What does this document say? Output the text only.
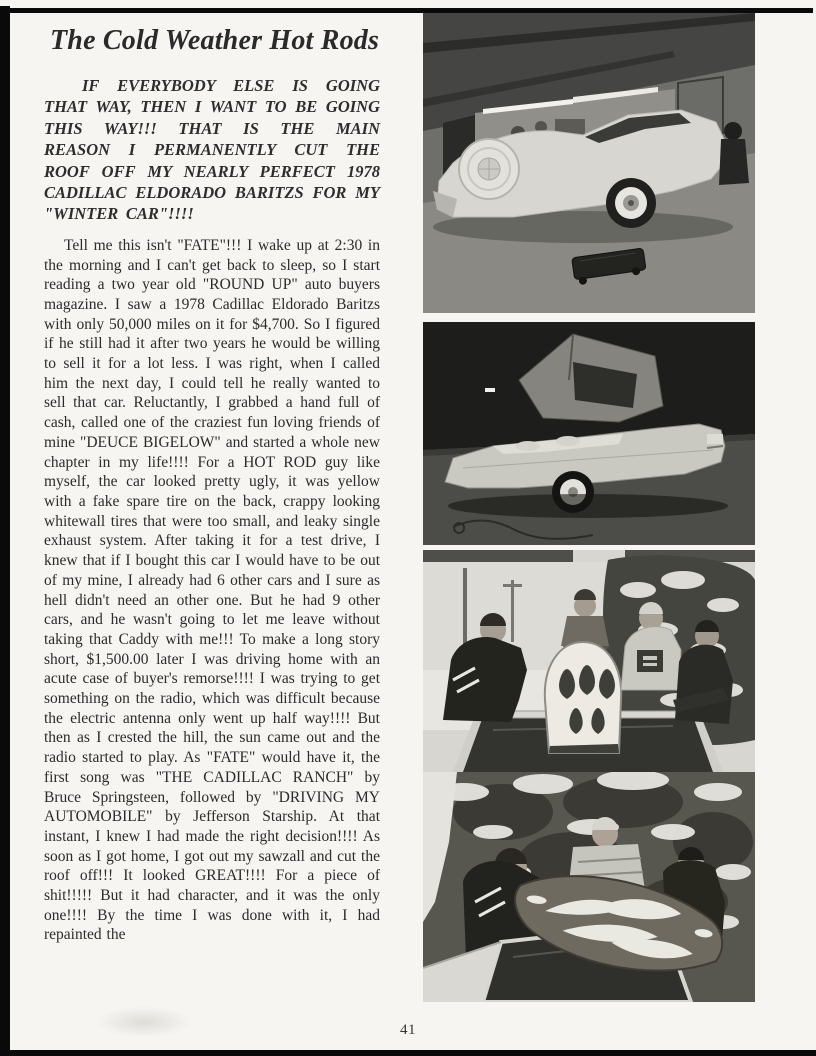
The Cold Weather Hot Rods

IF EVERYBODY ELSE IS GOING THAT WAY, THEN I WANT TO BE GOING THIS WAY!!! THAT IS THE MAIN REASON I PERMANENTLY CUT THE ROOF OFF MY NEARLY PERFECT 1978 CADILLAC ELDORADO BARITZS FOR MY "WINTER CAR"!!!!

Tell me this isn't "FATE"!!! I wake up at 2:30 in the morning and I can't get back to sleep, so I start reading a two year old "ROUND UP" auto buyers magazine. I saw a 1978 Cadillac Eldorado Baritzs with only 50,000 miles on it for $4,700. So I figured if he still had it after two years he would be willing to sell it for a lot less. I was right, when I called him the next day, I could tell he really wanted to sell that car. Reluctantly, I grabbed a hand full of cash, called one of the craziest fun loving friends of mine "DEUCE BIGELOW" and started a whole new chapter in my life!!!! For a HOT ROD guy like myself, the car looked pretty ugly, it was yellow with a fake spare tire on the back, crappy looking whitewall tires that were too small, and leaky single exhaust system. After taking it for a test drive, I knew that if I bought this car I would have to be out of my mine, I already had 6 other cars and I sure as hell didn't need an other one. But he had 9 other cars, and he wasn't going to let me leave without taking that Caddy with me!!! To make a long story short, $1,500.00 later I was driving home with an acute case of buyer's remorse!!!! I was trying to get something on the radio, which was difficult because the electric antenna only went up half way!!!! But then as I crested the hill, the sun came out and the radio started to play. As "FATE" would have it, the first song was "THE CADILLAC RANCH" by Bruce Springsteen, followed by "DRIVING MY AUTOMOBILE" by Jefferson Starship. At that instant, I knew I had made the right decision!!!! As soon as I got home, I got out my sawzall and cut the roof off!!! It looked GREAT!!!! For a piece of shit!!!!! But it had character, and it was the only one!!!! By the time I was done with it, I had repainted the

41
